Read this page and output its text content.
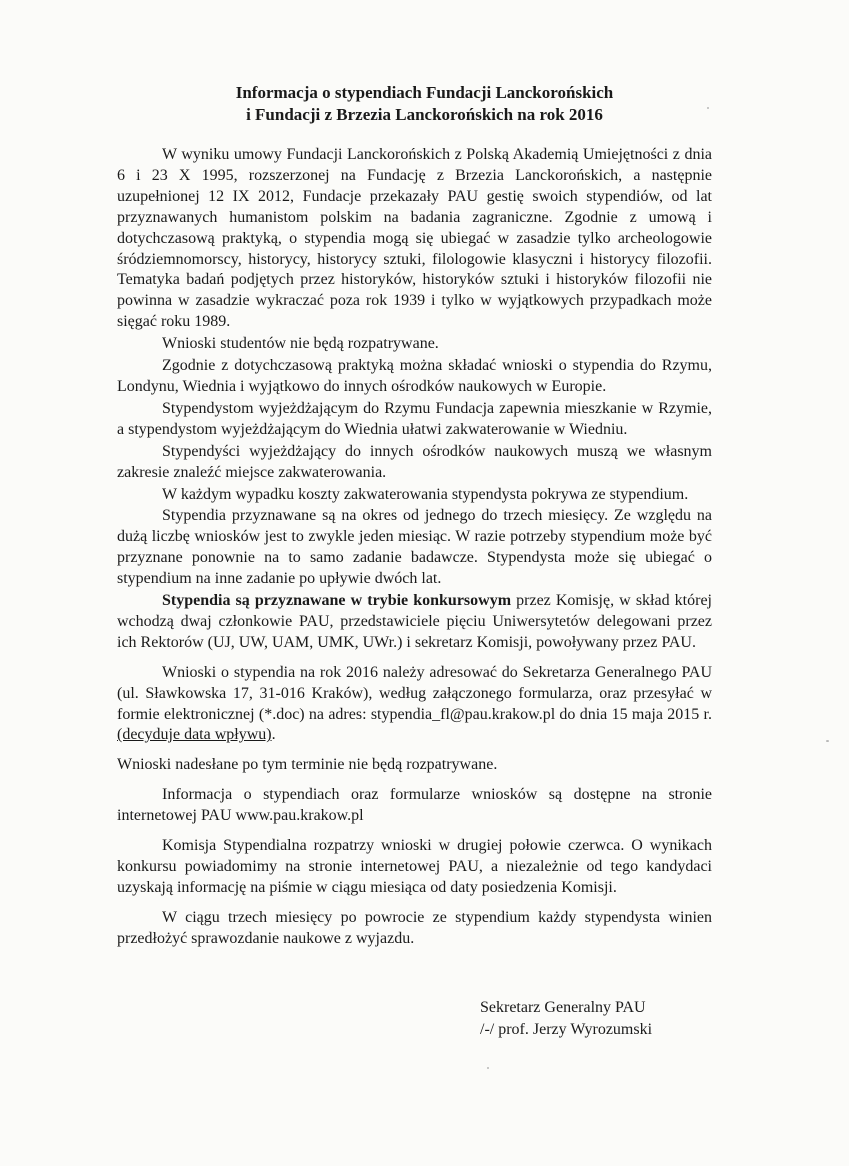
Informacja o stypendiach Fundacji Lanckorońskich
i Fundacji z Brzezia Lanckorońskich na rok 2016

W wyniku umowy Fundacji Lanckorońskich z Polską Akademią Umiejętności z dnia 6 i 23 X 1995, rozszerzonej na Fundację z Brzezia Lanckorońskich, a następnie uzupełnionej 12 IX 2012, Fundacje przekazały PAU gestię swoich stypendiów, od lat przyznawanych humanistom polskim na badania zagraniczne. Zgodnie z umową i dotychczasową praktyką, o stypendia mogą się ubiegać w zasadzie tylko archeologowie śródziemnomorscy, historycy, historycy sztuki, filologowie klasyczni i historycy filozofii. Tematyka badań podjętych przez historyków, historyków sztuki i historyków filozofii nie powinna w zasadzie wykraczać poza rok 1939 i tylko w wyjątkowych przypadkach może sięgać roku 1989.

Wnioski studentów nie będą rozpatrywane.

Zgodnie z dotychczasową praktyką można składać wnioski o stypendia do Rzymu, Londynu, Wiednia i wyjątkowo do innych ośrodków naukowych w Europie.

Stypendystom wyjeżdżającym do Rzymu Fundacja zapewnia mieszkanie w Rzymie, a stypendystom wyjeżdżającym do Wiednia ułatwi zakwaterowanie w Wiedniu.

Stypendyści wyjeżdżający do innych ośrodków naukowych muszą we własnym zakresie znaleźć miejsce zakwaterowania.

W każdym wypadku koszty zakwaterowania stypendysta pokrywa ze stypendium.

Stypendia przyznawane są na okres od jednego do trzech miesięcy. Ze względu na dużą liczbę wniosków jest to zwykle jeden miesiąc. W razie potrzeby stypendium może być przyznane ponownie na to samo zadanie badawcze. Stypendysta może się ubiegać o stypendium na inne zadanie po upływie dwóch lat.

Stypendia są przyznawane w trybie konkursowym przez Komisję, w skład której wchodzą dwaj członkowie PAU, przedstawiciele pięciu Uniwersytetów delegowani przez ich Rektorów (UJ, UW, UAM, UMK, UWr.) i sekretarz Komisji, powoływany przez PAU.

Wnioski o stypendia na rok 2016 należy adresować do Sekretarza Generalnego PAU (ul. Sławkowska 17, 31-016 Kraków), według załączonego formularza, oraz przesyłać w formie elektronicznej (*.doc) na adres: stypendia_fl@pau.krakow.pl do dnia 15 maja 2015 r. (decyduje data wpływu).

Wnioski nadesłane po tym terminie nie będą rozpatrywane.

Informacja o stypendiach oraz formularze wniosków są dostępne na stronie internetowej PAU www.pau.krakow.pl

Komisja Stypendialna rozpatrzy wnioski w drugiej połowie czerwca. O wynikach konkursu powiadomimy na stronie internetowej PAU, a niezależnie od tego kandydaci uzyskają informację na piśmie w ciągu miesiąca od daty posiedzenia Komisji.

W ciągu trzech miesięcy po powrocie ze stypendium każdy stypendysta winien przedłożyć sprawozdanie naukowe z wyjazdu.

Sekretarz Generalny PAU
/-/ prof. Jerzy Wyrozumski
